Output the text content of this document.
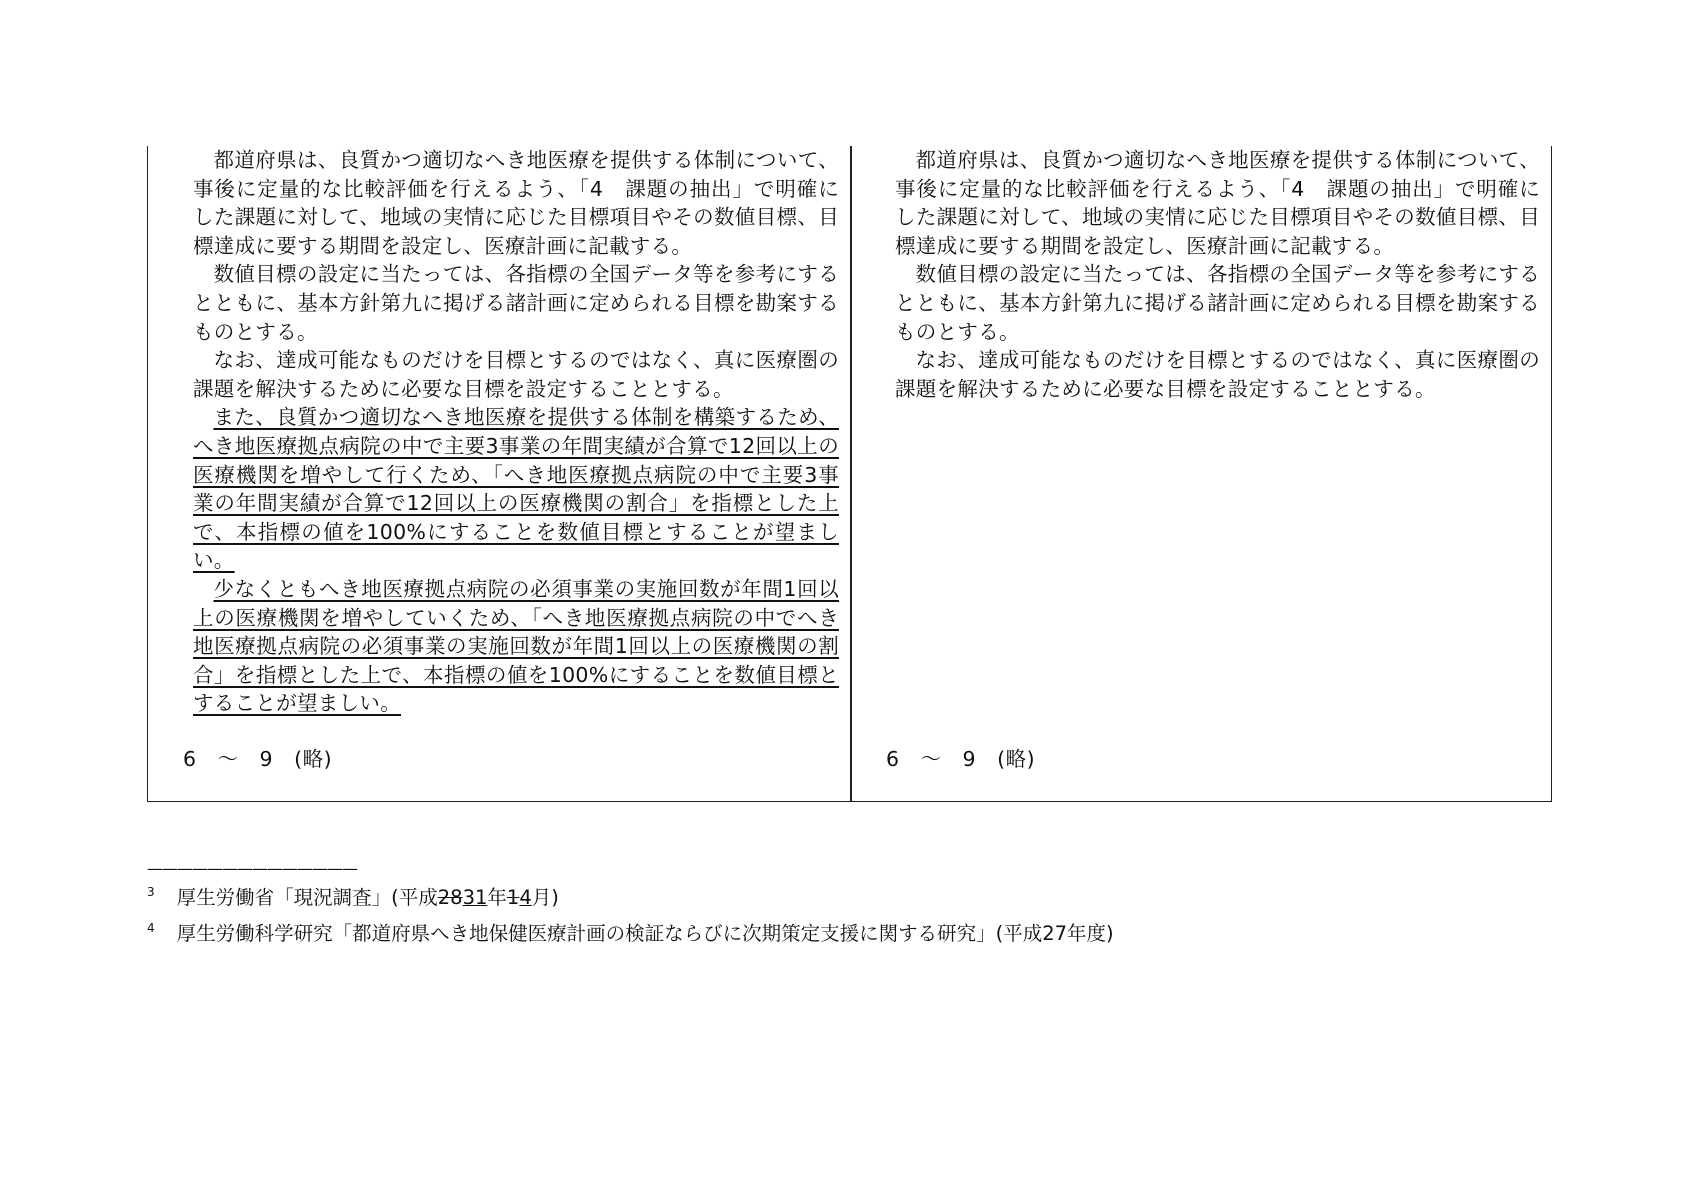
都道府県は、良質かつ適切なへき地医療を提供する体制について、事後に定量的な比較評価を行えるよう、「4　課題の抽出」で明確にした課題に対して、地域の実情に応じた目標項目やその数値目標、目標達成に要する期間を設定し、医療計画に記載する。

数値目標の設定に当たっては、各指標の全国データ等を参考にするとともに、基本方針第九に掲げる諸計画に定められる目標を勘案するものとする。

なお、達成可能なものだけを目標とするのではなく、真に医療圏の課題を解決するために必要な目標を設定することとする。

また、良質かつ適切なへき地医療を提供する体制を構築するため、へき地医療拠点病院の中で主要3事業の年間実績が合算で12回以上の医療機関を増やして行くため、「へき地医療拠点病院の中で主要3事業の年間実績が合算で12回以上の医療機関の割合」を指標とした上で、本指標の値を100%にすることを数値目標とすることが望ましい。

少なくともへき地医療拠点病院の必須事業の実施回数が年間1回以上の医療機関を増やしていくため、「へき地医療拠点病院の中でへき地医療拠点病院の必須事業の実施回数が年間1回以上の医療機関の割合」を指標とした上で、本指標の値を100%にすることを数値目標とすることが望ましい。

6　～　9　(略)

都道府県は、良質かつ適切なへき地医療を提供する体制について、事後に定量的な比較評価を行えるよう、「4　課題の抽出」で明確にした課題に対して、地域の実情に応じた目標項目やその数値目標、目標達成に要する期間を設定し、医療計画に記載する。

数値目標の設定に当たっては、各指標の全国データ等を参考にするとともに、基本方針第九に掲げる諸計画に定められる目標を勘案するものとする。

なお、達成可能なものだけを目標とするのではなく、真に医療圏の課題を解決するために必要な目標を設定することとする。

6　～　9　(略)
——————————————
$^3$ 厚生労働省「現況調査」(平成2831年14月)
$^4$ 厚生労働科学研究「都道府県へき地保健医療計画の検証ならびに次期策定支援に関する研究」(平成27年度)
